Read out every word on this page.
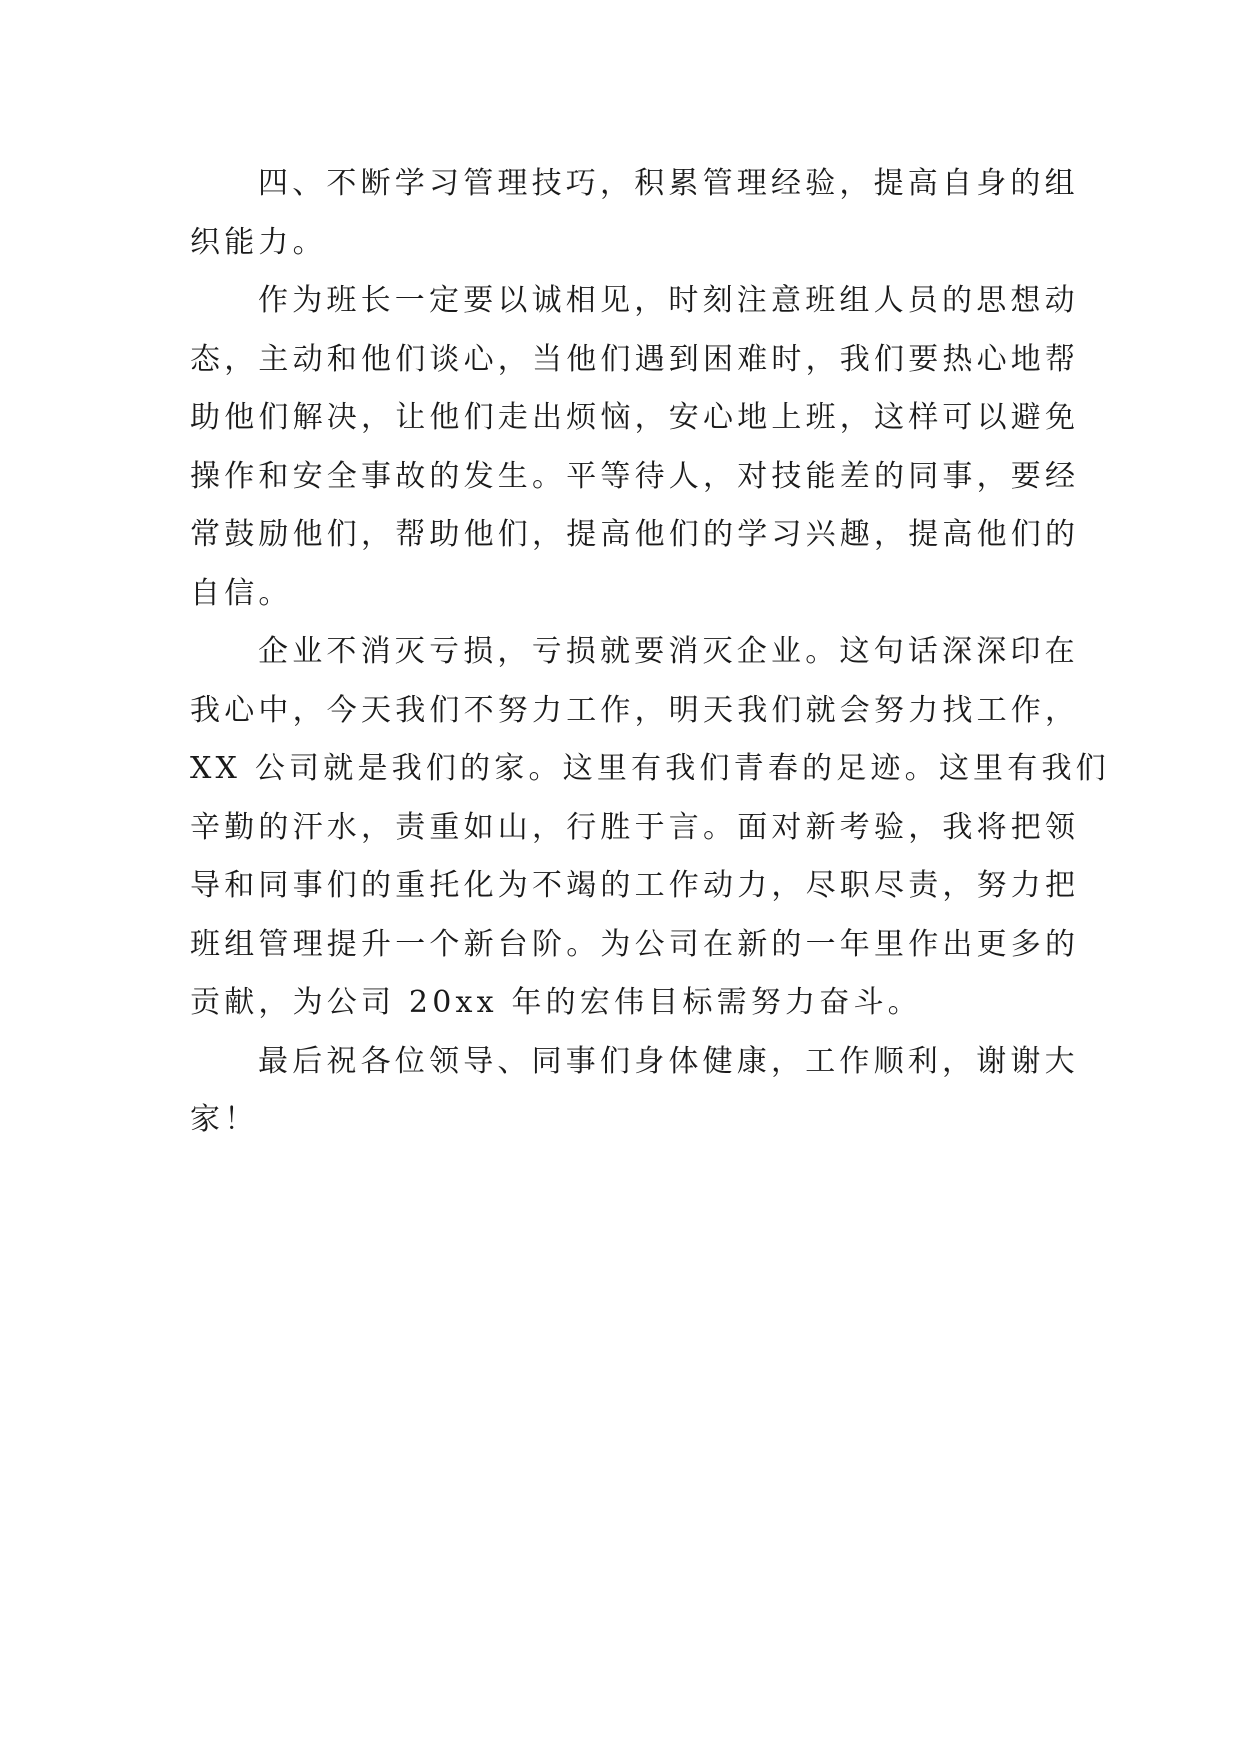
四、不断学习管理技巧，积累管理经验，提高自身的组
织能力。
作为班长一定要以诚相见，时刻注意班组人员的思想动
态，主动和他们谈心，当他们遇到困难时，我们要热心地帮
助他们解决，让他们走出烦恼，安心地上班，这样可以避免
操作和安全事故的发生。平等待人，对技能差的同事，要经
常鼓励他们，帮助他们，提高他们的学习兴趣，提高他们的
自信。
企业不消灭亏损，亏损就要消灭企业。这句话深深印在
我心中，今天我们不努力工作，明天我们就会努力找工作，
XX 公司就是我们的家。这里有我们青春的足迹。这里有我们
辛勤的汗水，责重如山，行胜于言。面对新考验，我将把领
导和同事们的重托化为不竭的工作动力，尽职尽责，努力把
班组管理提升一个新台阶。为公司在新的一年里作出更多的
贡献，为公司 20xx 年的宏伟目标需努力奋斗。
最后祝各位领导、同事们身体健康，工作顺利，谢谢大
家！
